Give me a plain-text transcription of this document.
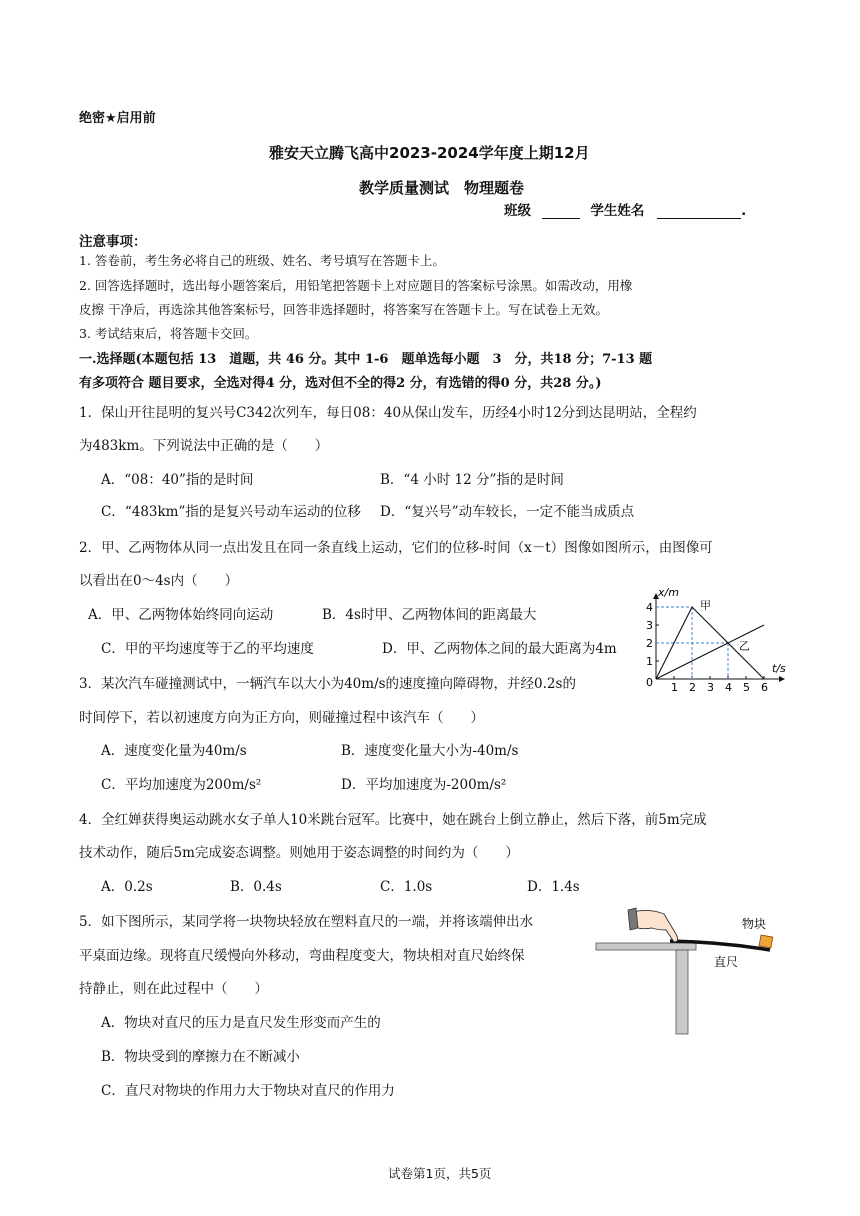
绝密★启用前
雅安天立腾飞高中2023-2024学年度上期12月
教学质量测试　物理题卷
班级	学生姓名	.
注意事项：
1. 答卷前，考生务必将自己的班级、姓名、考号填写在答题卡上。
2. 回答选择题时，选出每小题答案后，用铅笔把答题卡上对应题目的答案标号涂黑。如需改动，用橡
皮擦 干净后，再选涂其他答案标号，回答非选择题时，将答案写在答题卡上。写在试卷上无效。
3. 考试结束后，将答题卡交回。
一.选择题(本题包括 13　道题，共 46 分。其中 1-6　题单选每小题　3　分，共18 分；7-13 题
有多项符合 题目要求，全选对得4 分，选对但不全的得2 分，有选错的得0 分，共28 分。)
1．保山开往昆明的复兴号C342次列车，每日08：40从保山发车，历经4小时12分到达昆明站，全程约
为483km。下列说法中正确的是（　　）
A．“08：40”指的是时间	B．“4 小时 12 分”指的是时间
C．“483km”指的是复兴号动车运动的位移 D．“复兴号”动车较长，一定不能当成质点
2．甲、乙两物体从同一点出发且在同一条直线上运动，它们的位移-时间（x－t）图像如图所示，由图像可
以看出在0～4s内（　　）
A．甲、乙两物体始终同向运动	B．4s时甲、乙两物体间的距离最大
C．甲的平均速度等于乙的平均速度	D．甲、乙两物体之间的最大距离为4m
x/m
t/s
0 1 2 3 4 5 6
1
2
3
4	甲
乙
3．某次汽车碰撞测试中，一辆汽车以大小为40m/s的速度撞向障碍物，并经0.2s的
时间停下，若以初速度方向为正方向，则碰撞过程中该汽车（　　）
A．速度变化量为40m/s	B．速度变化量大小为-40m/s
C．平均加速度为200m/s²	D．平均加速度为-200m/s²
4．全红婵获得奥运动跳水女子单人10米跳台冠军。比赛中，她在跳台上倒立静止，然后下落，前5m完成
技术动作，随后5m完成姿态调整。则她用于姿态调整的时间约为（　　）
A．0.2s	B．0.4s	C．1.0s	D．1.4s
5．如下图所示，某同学将一块物块轻放在塑料直尺的一端，并将该端伸出水
平桌面边缘。现将直尺缓慢向外移动，弯曲程度变大，物块相对直尺始终保
持静止，则在此过程中（　　）
A．物块对直尺的压力是直尺发生形变而产生的
B．物块受到的摩擦力在不断减小
C．直尺对物块的作用力大于物块对直尺的作用力
物块
直尺
试卷第1页，共5页
